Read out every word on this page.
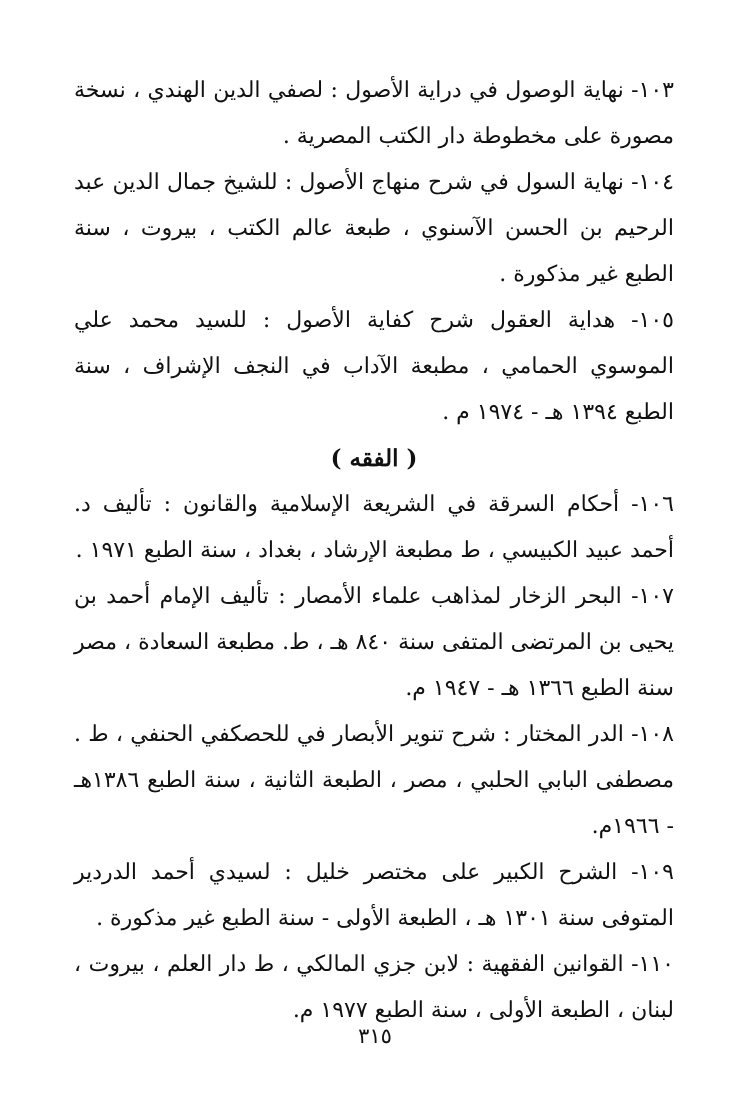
١٠٣- نهاية الوصول في دراية الأصول : لصفي الدين الهندي ، نسخة مصورة على مخطوطة دار الكتب المصرية .

١٠٤- نهاية السول في شرح منهاج الأصول : للشيخ جمال الدين عبد الرحيم بن الحسن الآسنوي ، طبعة عالم الكتب ، بيروت ، سنة الطبع غير مذكورة .

١٠٥- هداية العقول شرح كفاية الأصول : للسيد محمد علي الموسوي الحمامي ، مطبعة الآداب في النجف الإشراف ، سنة الطبع ١٣٩٤ هـ - ١٩٧٤ م .

( الفقه )

١٠٦- أحكام السرقة في الشريعة الإسلامية والقانون : تأليف د. أحمد عبيد الكبيسي ، ط مطبعة الإرشاد ، بغداد ، سنة الطبع ١٩٧١ .

١٠٧- البحر الزخار لمذاهب علماء الأمصار : تأليف الإمام أحمد بن يحيى بن المرتضى المتفى سنة ٨٤٠ هـ ، ط. مطبعة السعادة ، مصر سنة الطبع ١٣٦٦ هـ - ١٩٤٧ م.

١٠٨- الدر المختار : شرح تنوير الأبصار في للحصكفي الحنفي ، ط . مصطفى البابي الحلبي ، مصر ، الطبعة الثانية ، سنة الطبع ١٣٨٦هـ - ١٩٦٦م.

١٠٩- الشرح الكبير على مختصر خليل : لسيدي أحمد الدردير المتوفى سنة ١٣٠١ هـ ، الطبعة الأولى - سنة الطبع غير مذكورة .

١١٠- القوانين الفقهية : لابن جزي المالكي ، ط دار العلم ، بيروت ، لبنان ، الطبعة الأولى ، سنة الطبع ١٩٧٧ م.

٣١٥
